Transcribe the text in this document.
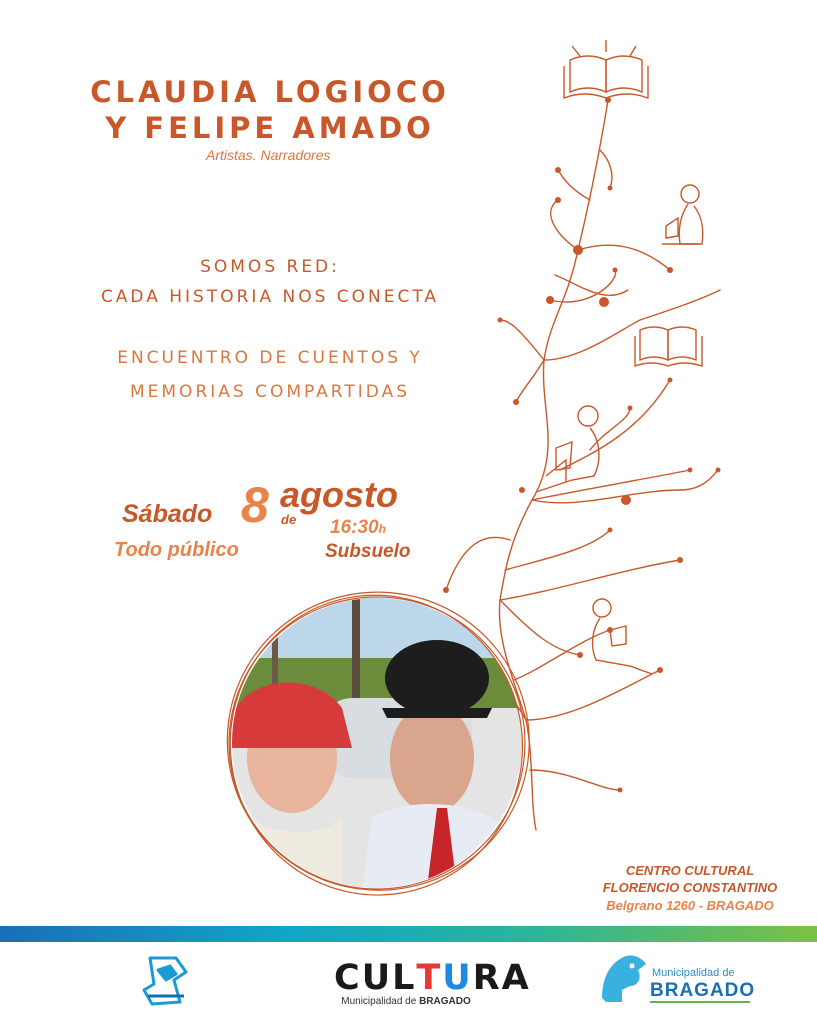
CLAUDIA LOGIOCO
Y FELIPE AMADO
Artistas. Narradores
SOMOS RED:
CADA HISTORIA NOS CONECTA
ENCUENTRO DE CUENTOS Y
MEMORIAS COMPARTIDAS
Sábado 8 de
agosto
16:30h
Todo público	Subsuelo
CENTRO CULTURAL
FLORENCIO CONSTANTINO
Belgrano 1260 - BRAGADO
CULTURA
Municipalidad de BRAGADO
Municipalidad de
BRAGADO
